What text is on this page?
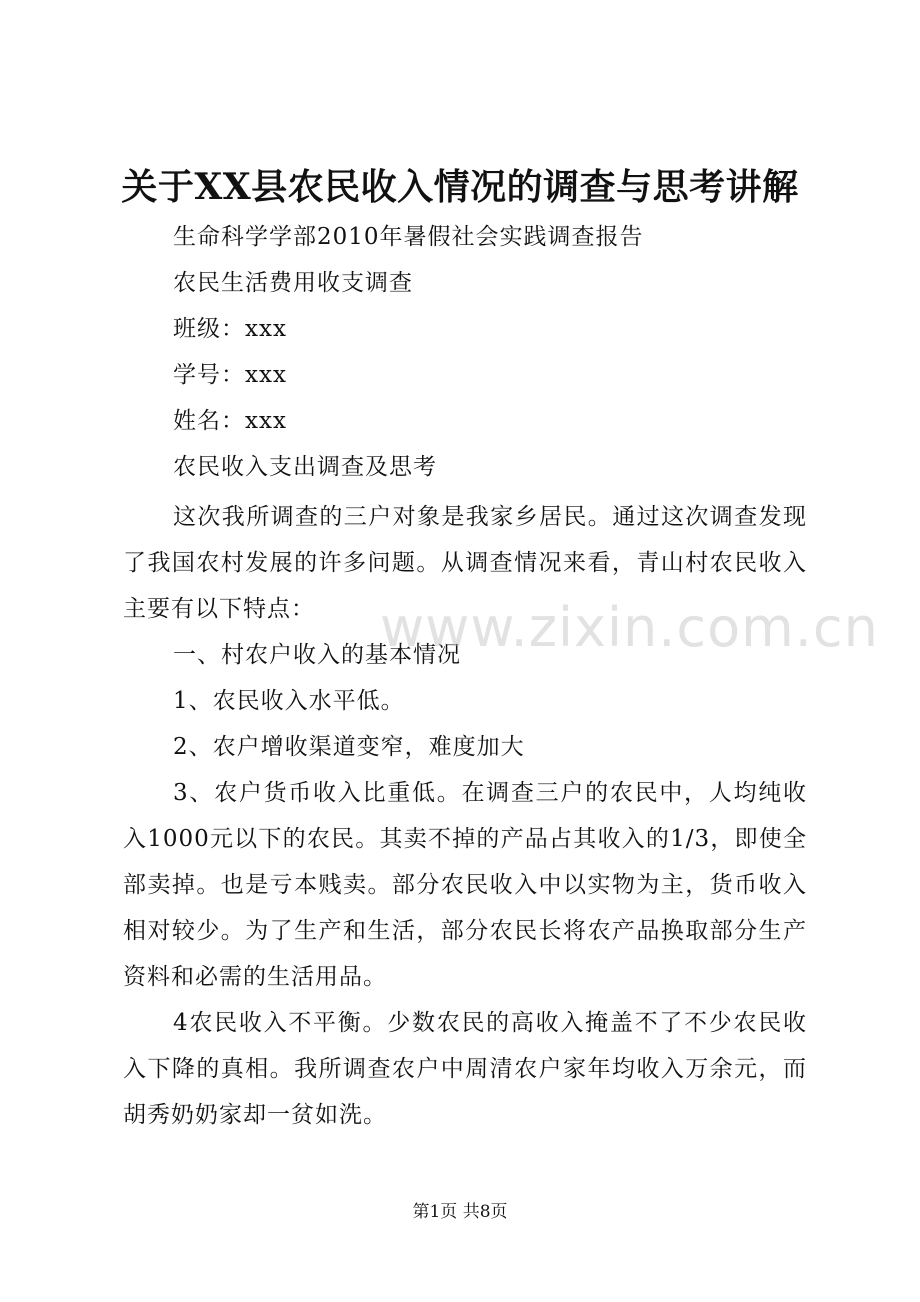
关于XX县农民收入情况的调查与思考讲解
生命科学学部2010年暑假社会实践调查报告
农民生活费用收支调查
班级：xxx
学号：xxx
姓名：xxx
农民收入支出调查及思考
这次我所调查的三户对象是我家乡居民。通过这次调查发现了我国农村发展的许多问题。从调查情况来看，青山村农民收入主要有以下特点：
一、村农户收入的基本情况
1、农民收入水平低。
2、农户增收渠道变窄，难度加大
3、农户货币收入比重低。在调查三户的农民中，人均纯收入1000元以下的农民。其卖不掉的产品占其收入的1/3，即使全部卖掉。也是亏本贱卖。部分农民收入中以实物为主，货币收入相对较少。为了生产和生活，部分农民长将农产品换取部分生产资料和必需的生活用品。
4农民收入不平衡。少数农民的高收入掩盖不了不少农民收入下降的真相。我所调查农户中周清农户家年均收入万余元，而胡秀奶奶家却一贫如洗。
www.zixin.com.cn
第1页 共8页
